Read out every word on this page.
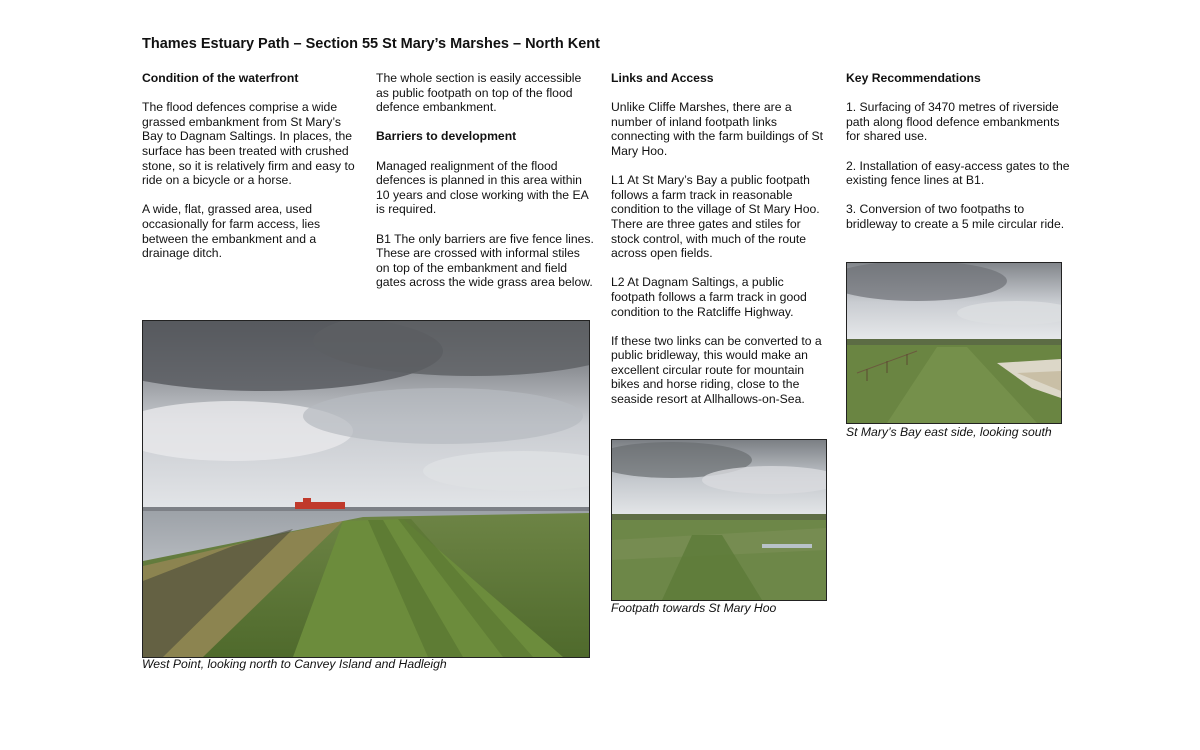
Thames Estuary Path – Section 55 St Mary’s Marshes – North Kent
Condition of the waterfront

The flood defences comprise a wide grassed embankment from St Mary’s Bay to Dagnam Saltings. In places, the surface has been treated with crushed stone, so it is relatively firm and easy to ride on a bicycle or a horse.

A wide, flat, grassed area, used occasionally for farm access, lies between the embankment and a drainage ditch.

The whole section is easily accessible as public footpath on top of the flood defence embankment.

Barriers to development

Managed realignment of the flood defences is planned in this area within 10 years and close working with the EA is required.

B1 The only barriers are five fence lines. These are crossed with informal stiles on top of the embankment and field gates across the wide grass area below.

Links and Access

Unlike Cliffe Marshes, there are a number of inland footpath links connecting with the farm buildings of St Mary Hoo.

L1 At St Mary’s Bay a public footpath follows a farm track in reasonable condition to the village of St Mary Hoo. There are three gates and stiles for stock control, with much of the route across open fields.

L2 At Dagnam Saltings, a public footpath follows a farm track in good condition to the Ratcliffe Highway.

If these two links can be converted to a public bridleway, this would make an excellent circular route for mountain bikes and horse riding, close to the seaside resort at Allhallows-on-Sea.

Key Recommendations

1. Surfacing of 3470 metres of riverside path along flood defence embankments for shared use.

2. Installation of easy-access gates to the existing fence lines at B1.

3. Conversion of two footpaths to bridleway to create a 5 mile circular ride.

West Point, looking north to Canvey Island and Hadleigh
Footpath towards St Mary Hoo
St Mary’s Bay east side, looking south
